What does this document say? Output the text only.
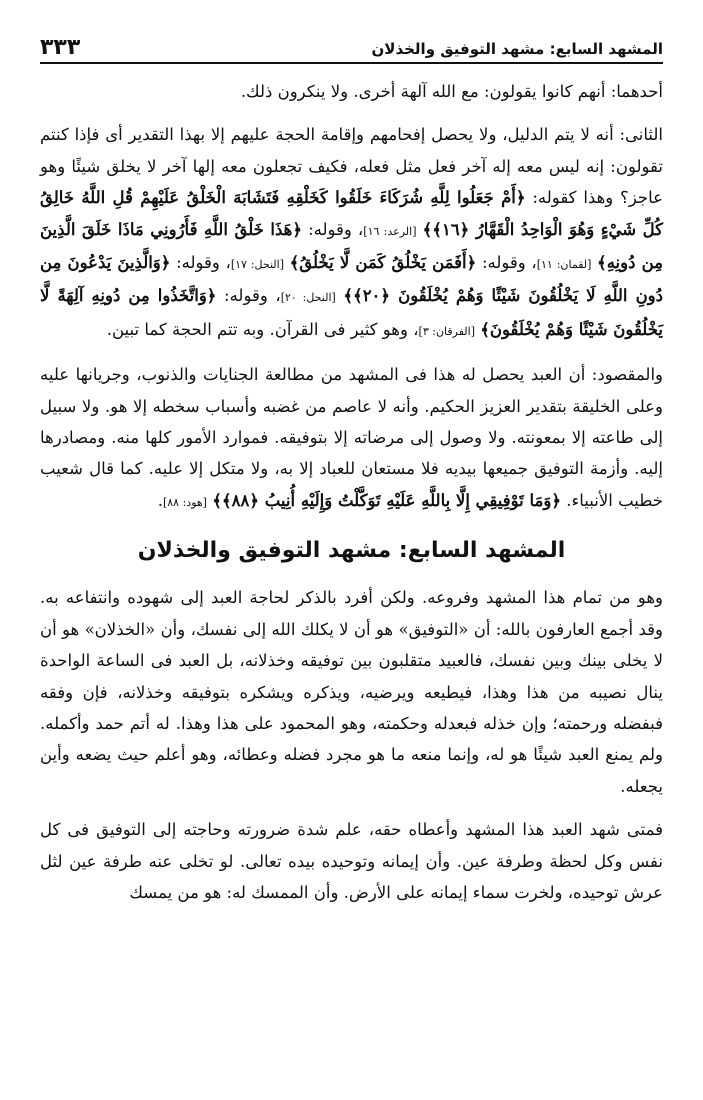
المشهد السابع: مشهد التوفيق والخذلان
٣٣٣

أحدهما: أنهم كانوا يقولون: مع الله آلهة أخرى. ولا ينكرون ذلك.

الثانى: أنه لا يتم الدليل، ولا يحصل إفحامهم وإقامة الحجة عليهم إلا بهذا التقدير أى فإذا كنتم تقولون: إنه ليس معه إله آخر فعل مثل فعله، فكيف تجعلون معه إلها آخر لا يخلق شيئًا وهو عاجز؟ وهذا كقوله: ﴿أَمْ جَعَلُوا لِلَّهِ شُرَكَاءَ خَلَقُوا كَخَلْقِهِ فَتَشَابَهَ الْخَلْقُ عَلَيْهِمْ قُلِ اللَّهُ خَالِقُ كُلِّ شَيْءٍ وَهُوَ الْوَاحِدُ الْقَهَّارُ ﴿١٦﴾﴾ [الرعد: ١٦]، وقوله: ﴿هَذَا خَلْقُ اللَّهِ فَأَرُونِي مَاذَا خَلَقَ الَّذِينَ مِن دُونِهِ﴾ [لقمان: ١١]، وقوله: ﴿أَفَمَن يَخْلُقُ كَمَن لَّا يَخْلُقُ﴾ [النحل: ١٧]، وقوله: ﴿وَالَّذِينَ يَدْعُونَ مِن دُونِ اللَّهِ لَا يَخْلُقُونَ شَيْئًا وَهُمْ يُخْلَقُونَ ﴿٢٠﴾﴾ [النحل: ٢٠]، وقوله: ﴿وَاتَّخَذُوا مِن دُونِهِ آلِهَةً لَّا يَخْلُقُونَ شَيْئًا وَهُمْ يُخْلَقُونَ﴾ [الفرقان: ٣]، وهو كثير فى القرآن. وبه تتم الحجة كما تبين.

والمقصود: أن العبد يحصل له هذا فى المشهد من مطالعة الجنايات والذنوب، وجريانها عليه وعلى الخليقة بتقدير العزيز الحكيم. وأنه لا عاصم من غضبه وأسباب سخطه إلا هو. ولا سبيل إلى طاعته إلا بمعونته. ولا وصول إلى مرضاته إلا بتوفيقه. فموارد الأمور كلها منه. ومصادرها إليه. وأزمة التوفيق جميعها بيديه فلا مستعان للعباد إلا به، ولا متكل إلا عليه. كما قال شعيب خطيب الأنبياء. ﴿وَمَا تَوْفِيقِي إِلَّا بِاللَّهِ عَلَيْهِ تَوَكَّلْتُ وَإِلَيْهِ أُنِيبُ ﴿٨٨﴾﴾ [هود: ٨٨].

المشهد السابع: مشهد التوفيق والخذلان

وهو من تمام هذا المشهد وفروعه. ولكن أفرد بالذكر لحاجة العبد إلى شهوده وانتفاعه به. وقد أجمع العارفون بالله: أن «التوفيق» هو أن لا يكلك الله إلى نفسك، وأن «الخذلان» هو أن لا يخلى بينك وبين نفسك، فالعبيد متقلبون بين توفيقه وخذلانه، بل العبد فى الساعة الواحدة ينال نصيبه من هذا وهذا، فيطيعه ويرضيه، ويذكره ويشكره بتوفيقه وخذلانه، فإن وفقه فبفضله ورحمته؛ وإن خذله فبعدله وحكمته، وهو المحمود على هذا وهذا. له أتم حمد وأكمله. ولم يمنع العبد شيئًا هو له، وإنما منعه ما هو مجرد فضله وعطائه، وهو أعلم حيث يضعه وأين يجعله.

فمتى شهد العبد هذا المشهد وأعطاه حقه، علم شدة ضرورته وحاجته إلى التوفيق فى كل نفس وكل لحظة وطرفة عين. وأن إيمانه وتوحيده بيده تعالى. لو تخلى عنه طرفة عين لثل عرش توحيده، ولخرت سماء إيمانه على الأرض. وأن الممسك له: هو من يمسك
